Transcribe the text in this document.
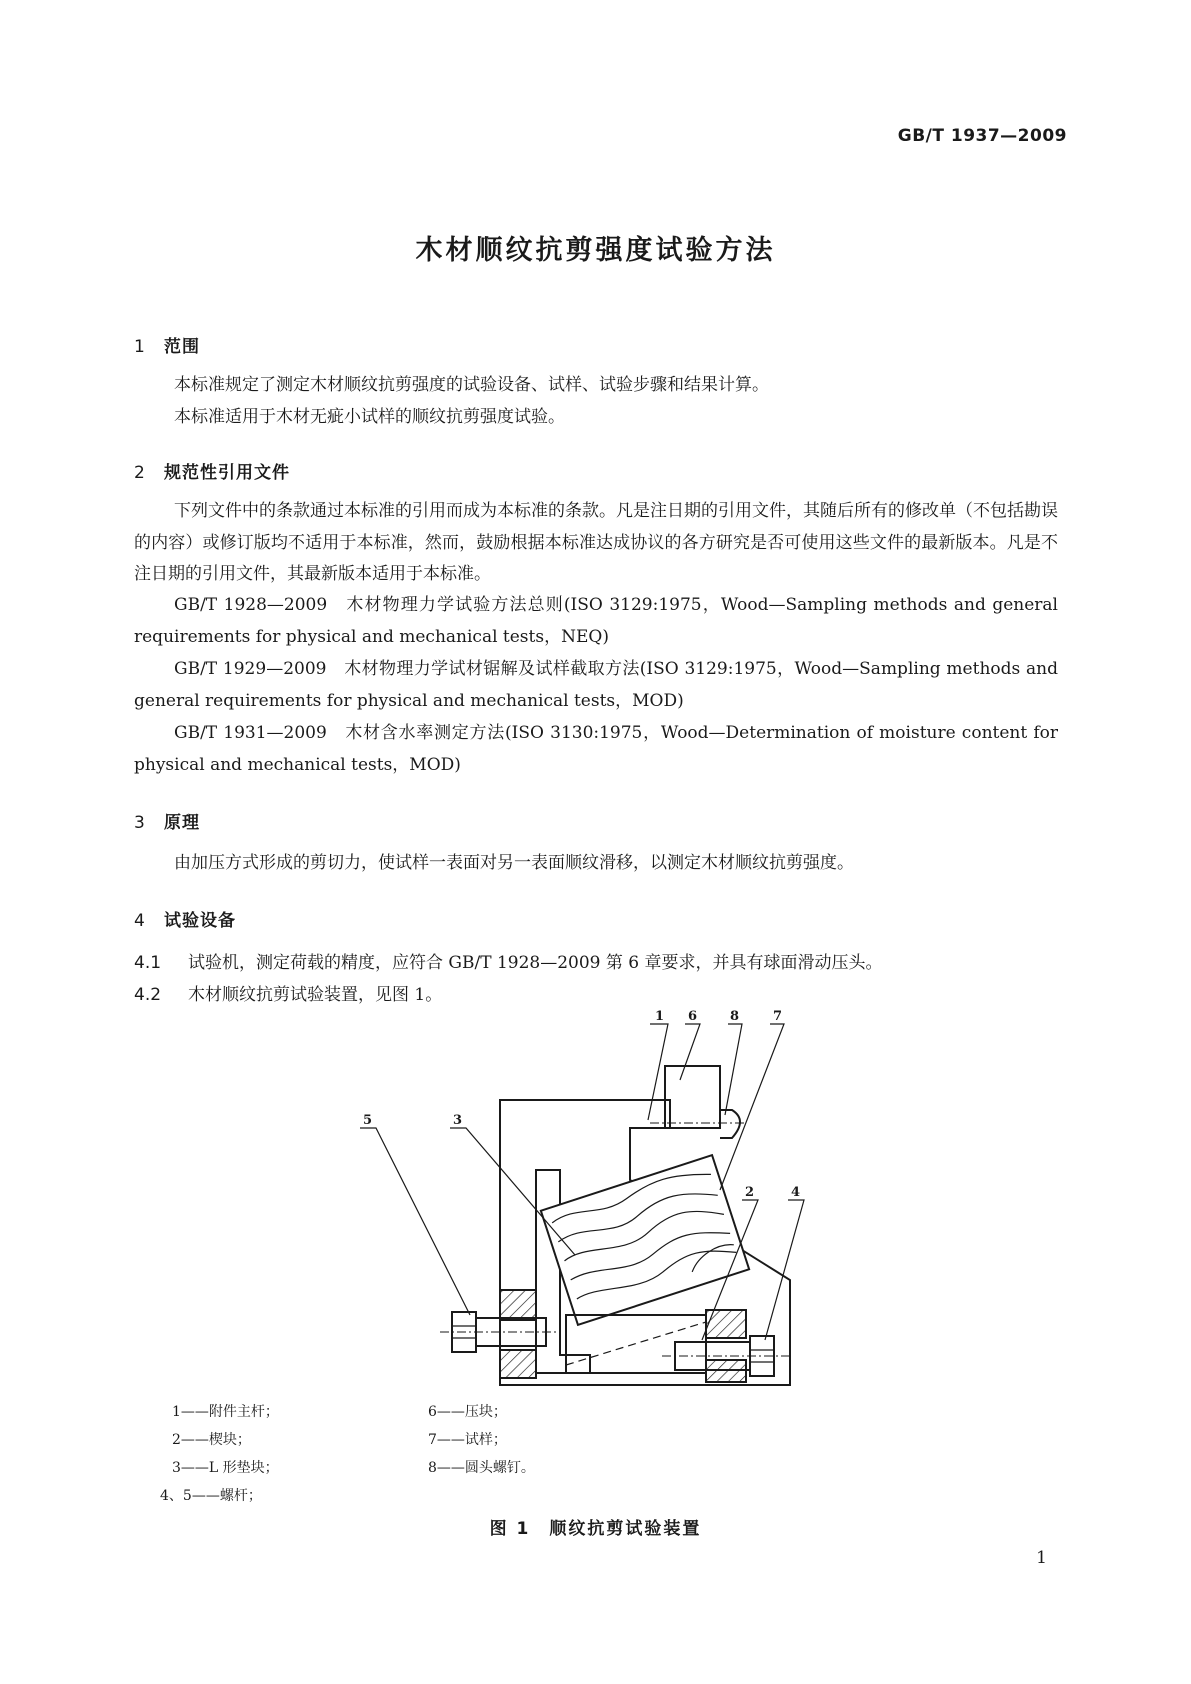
GB/T 1937—2009
木材顺纹抗剪强度试验方法
1 范围
本标准规定了测定木材顺纹抗剪强度的试验设备、试样、试验步骤和结果计算。
本标准适用于木材无疵小试样的顺纹抗剪强度试验。
2 规范性引用文件
下列文件中的条款通过本标准的引用而成为本标准的条款。凡是注日期的引用文件，其随后所有的修改单（不包括勘误的内容）或修订版均不适用于本标准，然而，鼓励根据本标准达成协议的各方研究是否可使用这些文件的最新版本。凡是不注日期的引用文件，其最新版本适用于本标准。
GB/T 1928—2009　木材物理力学试验方法总则(ISO 3129:1975，Wood—Sampling methods and general requirements for physical and mechanical tests，NEQ)
GB/T 1929—2009　木材物理力学试材锯解及试样截取方法(ISO 3129:1975，Wood—Sampling methods and general requirements for physical and mechanical tests，MOD)
GB/T 1931—2009　木材含水率测定方法(ISO 3130:1975，Wood—Determination of moisture content for physical and mechanical tests，MOD)
3 原理
由加压方式形成的剪切力，使试样一表面对另一表面顺纹滑移，以测定木材顺纹抗剪强度。
4 试验设备
4.1 试验机，测定荷载的精度，应符合 GB/T 1928—2009 第 6 章要求，并具有球面滑动压头。
4.2 木材顺纹抗剪试验装置，见图 1。
1 6	8	7
5	3
2	4
1——附件主杆；
2——楔块；
3——L 形垫块；
4、5——螺杆；
6——压块；
7——试样；
8——圆头螺钉。
图 1　顺纹抗剪试验装置
1
